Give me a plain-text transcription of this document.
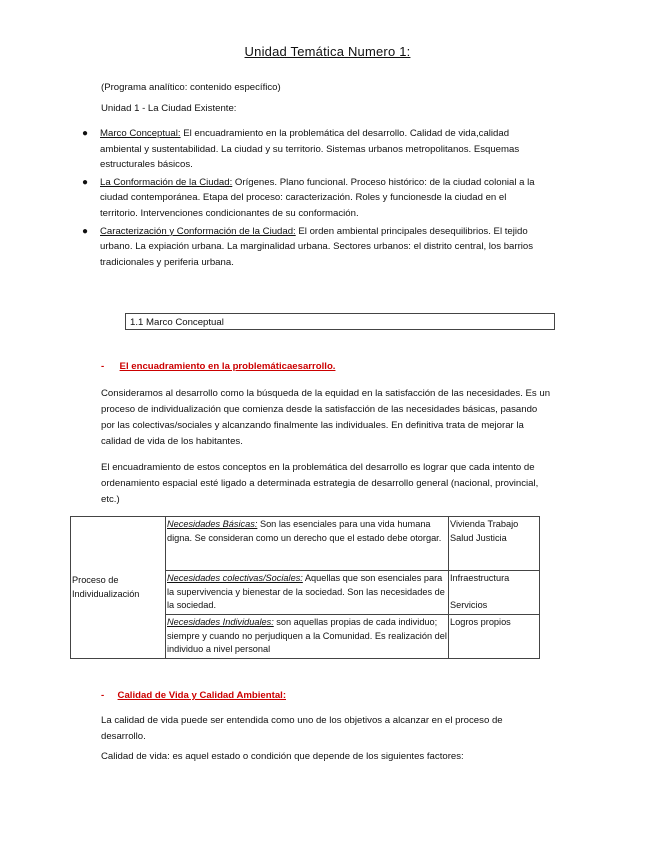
Unidad Temática Numero 1:
(Programa analítico: contenido específico)
Unidad 1 - La Ciudad Existente:
● Marco Conceptual: El encuadramiento en la problemática del desarrollo. Calidad de vida,calidad ambiental y sustentabilidad. La ciudad y su territorio. Sistemas urbanos metropolitanos. Esquemas estructurales básicos.
● La Conformación de la Ciudad: Orígenes. Plano funcional. Proceso histórico: de la ciudad colonial a la ciudad contemporánea. Etapa del proceso: caracterización. Roles y funcionesde la ciudad en el territorio. Intervenciones condicionantes de su conformación.
● Caracterización y Conformación de la Ciudad: El orden ambiental principales desequilibrios. El tejido urbano. La expiación urbana. La marginalidad urbana. Sectores urbanos: el distrito central, los barrios tradicionales y periferia urbana.
1.1 Marco Conceptual
- El encuadramiento en la problemáticaesarrollo.
Consideramos al desarrollo como la búsqueda de la equidad en la satisfacción de las necesidades. Es un proceso de individualización que comienza desde la satisfacción de las necesidades básicas, pasando por las colectivas/sociales y alcanzando finalmente las individuales. En definitiva trata de mejorar la calidad de vida de los habitantes.
El encuadramiento de estos conceptos en la problemática del desarrollo es lograr que cada intento de ordenamiento espacial esté ligado a determinada estrategia de desarrollo general (nacional, provincial, etc.)
Proceso de Individualización	Necesidades Básicas: Son las esenciales para una vida humana digna. Se consideran como un derecho que el estado debe otorgar.	Vivienda Trabajo
Salud Justicia
	Necesidades colectivas/Sociales: Aquellas que son esenciales para la supervivencia y bienestar de la sociedad. Son las necesidades de la sociedad.	Infraestructura

Servicios
	Necesidades Individuales: son aquellas propias de cada individuo; siempre y cuando no perjudiquen a la Comunidad. Es realización del individuo a nivel personal	Logros propios
- Calidad de Vida y Calidad Ambiental:
La calidad de vida puede ser entendida como uno de los objetivos a alcanzar en el proceso de desarrollo.
Calidad de vida: es aquel estado o condición que depende de los siguientes factores:
